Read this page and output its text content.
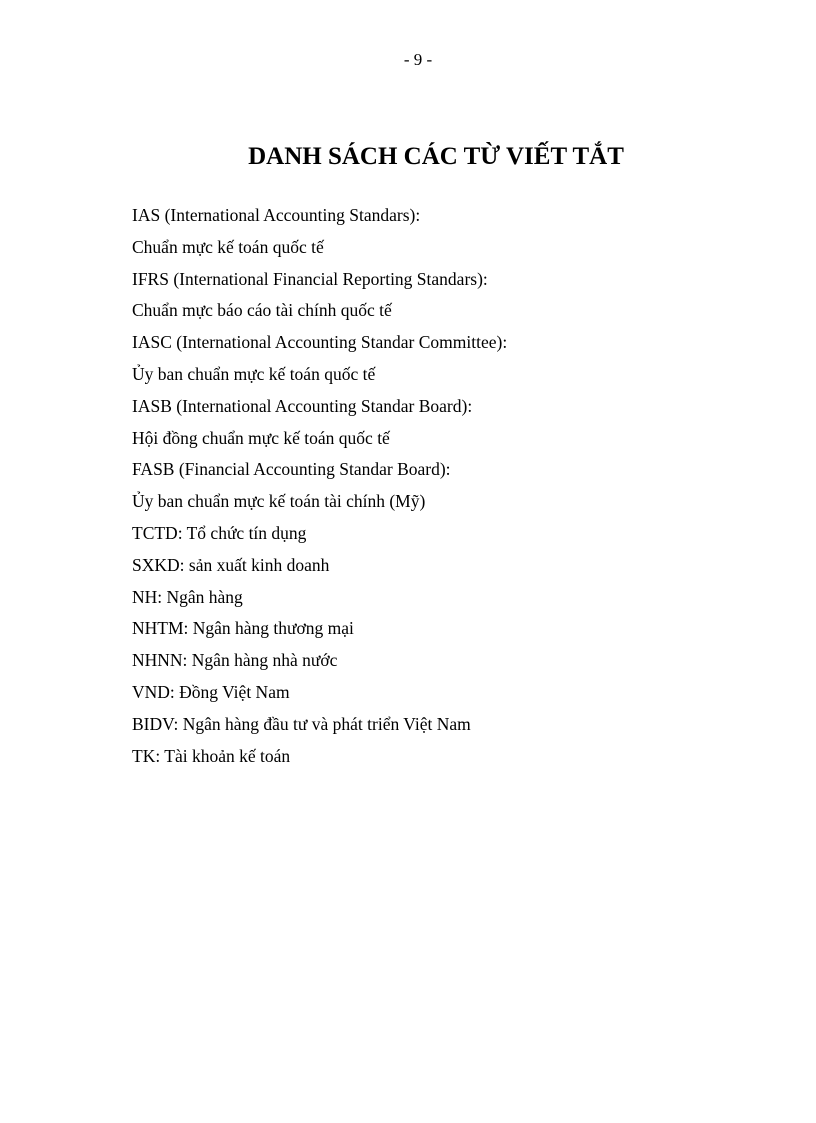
- 9 -
DANH SÁCH CÁC TỪ VIẾT TẮT
IAS (International Accounting Standars):
Chuẩn mực kế toán quốc tế
IFRS (International Financial Reporting Standars):
Chuẩn mực báo cáo tài chính quốc tế
IASC (International Accounting Standar Committee):
Ủy ban chuẩn mực kế toán quốc tế
IASB (International Accounting Standar Board):
Hội đồng chuẩn mực kế toán quốc tế
FASB (Financial Accounting Standar Board):
Ủy ban chuẩn mực kế toán tài chính (Mỹ)
TCTD: Tổ chức tín dụng
SXKD: sản xuất kinh doanh
NH: Ngân hàng
NHTM: Ngân hàng thương mại
NHNN: Ngân hàng nhà nước
VND: Đồng Việt Nam
BIDV: Ngân hàng đầu tư và phát triển Việt Nam
TK: Tài khoản kế toán
